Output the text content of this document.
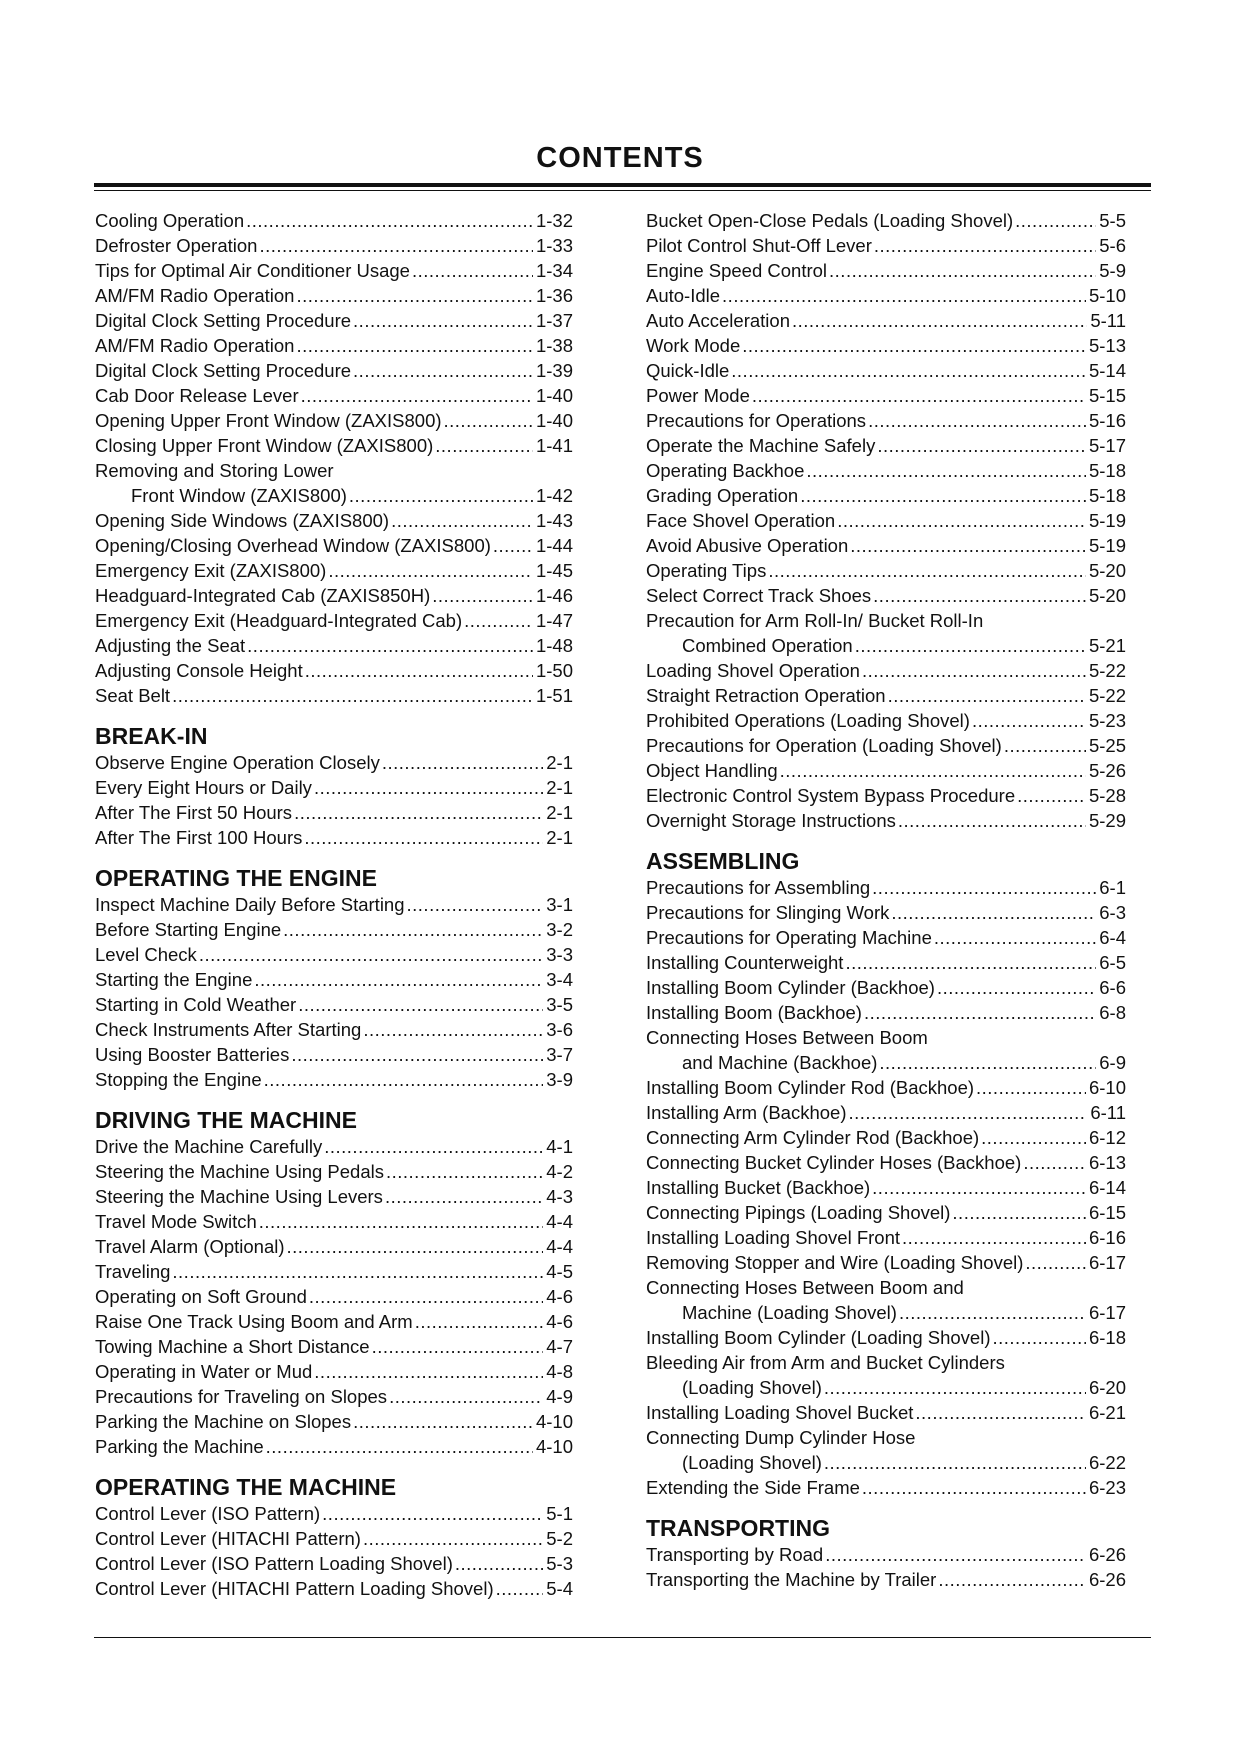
CONTENTS
Cooling Operation .....	1-32
Defroster Operation .....	1-33
Tips for Optimal Air Conditioner Usage .....	1-34
AM/FM Radio Operation .....	1-36
Digital Clock Setting Procedure .....	1-37
AM/FM Radio Operation .....	1-38
Digital Clock Setting Procedure .....	1-39
Cab Door Release Lever .....	1-40
Opening Upper Front Window (ZAXIS800) .....	1-40
Closing Upper Front Window (ZAXIS800) .....	1-41
Removing and Storing Lower
Front Window (ZAXIS800) .....	1-42
Opening Side Windows (ZAXIS800) .....	1-43
Opening/Closing Overhead Window (ZAXIS800) ..... 1-44
Emergency Exit (ZAXIS800) .....	1-45
Headguard-Integrated Cab (ZAXIS850H) .....	1-46
Emergency Exit (Headguard-Integrated Cab) .....	1-47
Adjusting the Seat .....	1-48
Adjusting Console Height .....	1-50
Seat Belt .....	1-51
BREAK-IN
Observe Engine Operation Closely .....	2-1
Every Eight Hours or Daily .....	2-1
After The First 50 Hours .....	2-1
After The First 100 Hours .....	2-1
OPERATING THE ENGINE
Inspect Machine Daily Before Starting .....	3-1
Before Starting Engine .....	3-2
Level Check .....	3-3
Starting the Engine .....	3-4
Starting in Cold Weather .....	3-5
Check Instruments After Starting .....	3-6
Using Booster Batteries .....	3-7
Stopping the Engine .....	3-9
DRIVING THE MACHINE
Drive the Machine Carefully .....	4-1
Steering the Machine Using Pedals .....	4-2
Steering the Machine Using Levers .....	4-3
Travel Mode Switch .....	4-4
Travel Alarm (Optional) .....	4-4
Traveling .....	4-5
Operating on Soft Ground .....	4-6
Raise One Track Using Boom and Arm .....	4-6
Towing Machine a Short Distance .....	4-7
Operating in Water or Mud .....	4-8
Precautions for Traveling on Slopes .....	4-9
Parking the Machine on Slopes .....	4-10
Parking the Machine .....	4-10
OPERATING THE MACHINE
Control Lever (ISO Pattern) .....	5-1
Control Lever (HITACHI Pattern) .....	5-2
Control Lever (ISO Pattern Loading Shovel) .....	5-3
Control Lever (HITACHI Pattern Loading Shovel) .....	5-4
Bucket Open-Close Pedals (Loading Shovel) .....	5-5
Pilot Control Shut-Off Lever .....	5-6
Engine Speed Control .....	5-9
Auto-Idle .....	5-10
Auto Acceleration .....	5-11
Work Mode .....	5-13
Quick-Idle .....	5-14
Power Mode .....	5-15
Precautions for Operations .....	5-16
Operate the Machine Safely .....	5-17
Operating Backhoe .....	5-18
Grading Operation .....	5-18
Face Shovel Operation .....	5-19
Avoid Abusive Operation .....	5-19
Operating Tips .....	5-20
Select Correct Track Shoes .....	5-20
Precaution for Arm Roll-In/ Bucket Roll-In
Combined Operation .....	5-21
Loading Shovel Operation .....	5-22
Straight Retraction Operation .....	5-22
Prohibited Operations (Loading Shovel) .....	5-23
Precautions for Operation (Loading Shovel) .....	5-25
Object Handling .....	5-26
Electronic Control System Bypass Procedure .....	5-28
Overnight Storage Instructions .....	5-29
ASSEMBLING
Precautions for Assembling .....	6-1
Precautions for Slinging Work .....	6-3
Precautions for Operating Machine .....	6-4
Installing Counterweight .....	6-5
Installing Boom Cylinder (Backhoe) .....	6-6
Installing Boom (Backhoe) .....	6-8
Connecting Hoses Between Boom
and Machine (Backhoe) .....	6-9
Installing Boom Cylinder Rod (Backhoe) .....	6-10
Installing Arm (Backhoe) .....	6-11
Connecting Arm Cylinder Rod (Backhoe) .....	6-12
Connecting Bucket Cylinder Hoses (Backhoe) .....	6-13
Installing Bucket (Backhoe) .....	6-14
Connecting Pipings (Loading Shovel) .....	6-15
Installing Loading Shovel Front .....	6-16
Removing Stopper and Wire (Loading Shovel) .....	6-17
Connecting Hoses Between Boom and
Machine (Loading Shovel) .....	6-17
Installing Boom Cylinder (Loading Shovel) .....	6-18
Bleeding Air from Arm and Bucket Cylinders
(Loading Shovel) .....	6-20
Installing Loading Shovel Bucket .....	6-21
Connecting Dump Cylinder Hose
(Loading Shovel) .....	6-22
Extending the Side Frame .....	6-23
TRANSPORTING
Transporting by Road .....	6-26
Transporting the Machine by Trailer .....	6-26
